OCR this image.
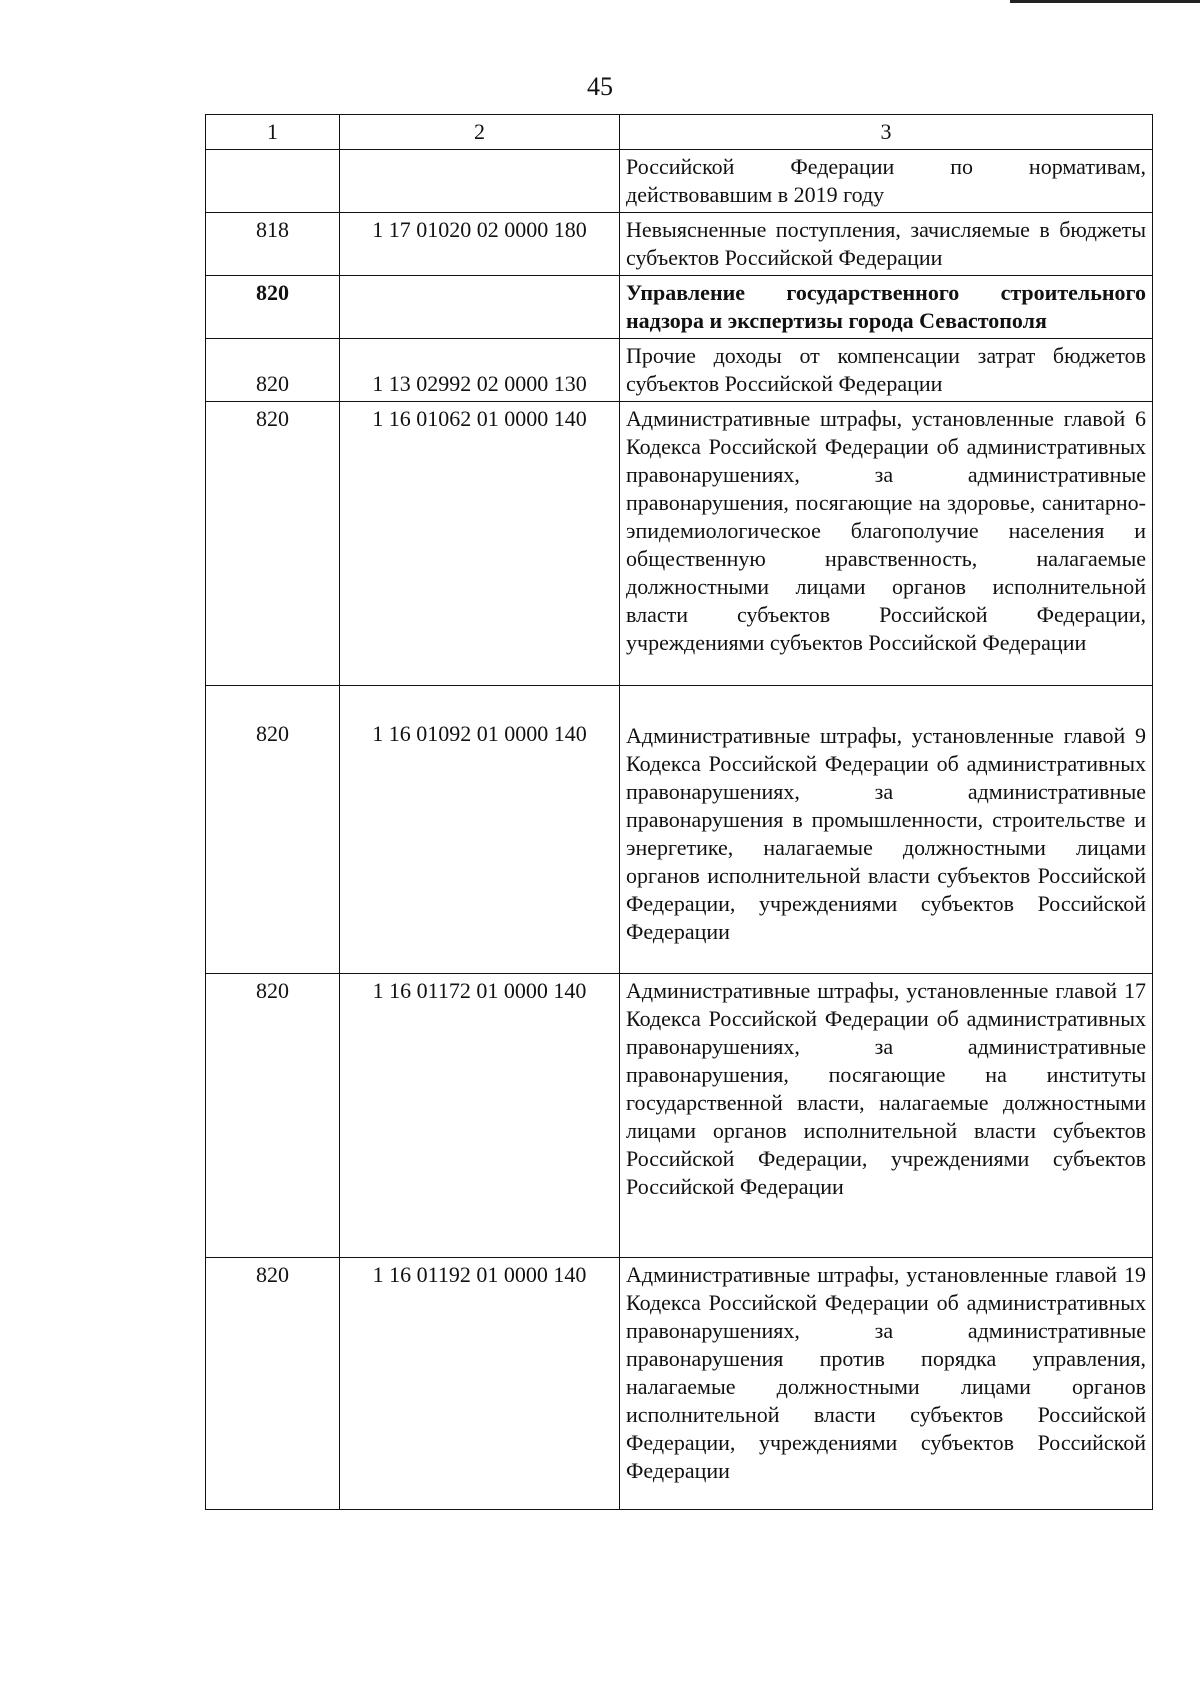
45
1	2	3
		Российской Федерации по нормативам, действовавшим в 2019 году
818	1 17 01020 02 0000 180	Невыясненные поступления, зачисляемые в бюджеты субъектов Российской Федерации
820		Управление государственного строительного надзора и экспертизы города Севастополя
820	1 13 02992 02 0000 130	Прочие доходы от компенсации затрат бюджетов субъектов Российской Федерации
820	1 16 01062 01 0000 140	Административные штрафы, установленные главой 6 Кодекса Российской Федерации об административных правонарушениях, за административные правонарушения, посягающие на здоровье, санитарно-эпидемиологическое благополучие населения и общественную нравственность, налагаемые должностными лицами органов исполнительной власти субъектов Российской Федерации, учреждениями субъектов Российской Федерации
820	1 16 01092 01 0000 140	Административные штрафы, установленные главой 9 Кодекса Российской Федерации об административных правонарушениях, за административные правонарушения в промышленности, строительстве и энергетике, налагаемые должностными лицами органов исполнительной власти субъектов Российской Федерации, учреждениями субъектов Российской Федерации
820	1 16 01172 01 0000 140	Административные штрафы, установленные главой 17 Кодекса Российской Федерации об административных правонарушениях, за административные правонарушения, посягающие на институты государственной власти, налагаемые должностными лицами органов исполнительной власти субъектов Российской Федерации, учреждениями субъектов Российской Федерации
820	1 16 01192 01 0000 140	Административные штрафы, установленные главой 19 Кодекса Российской Федерации об административных правонарушениях, за административные правонарушения против порядка управления, налагаемые должностными лицами органов исполнительной власти субъектов Российской Федерации, учреждениями субъектов Российской Федерации
